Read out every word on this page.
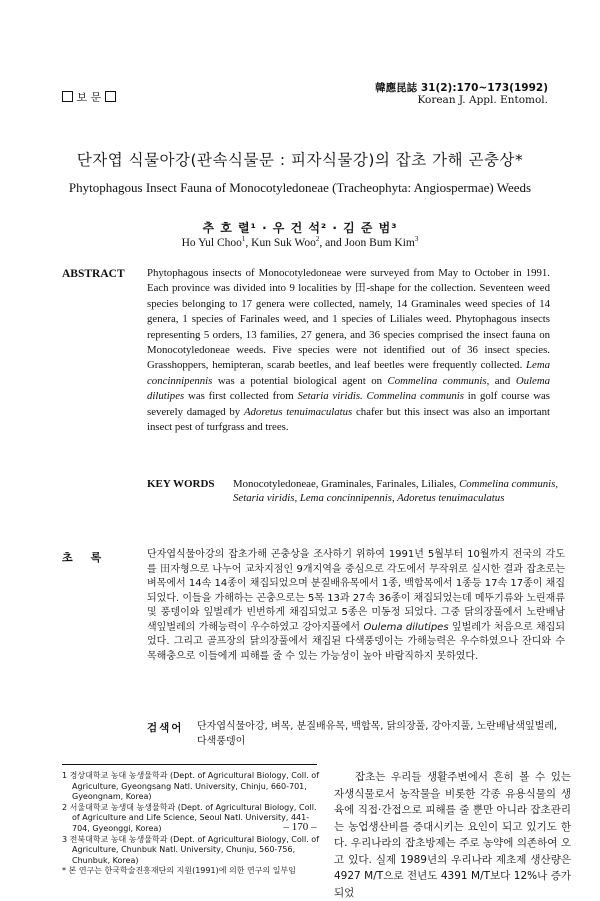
보 문
韓應昆誌 31(2):170~173(1992)
Korean J. Appl. Entomol.
단자엽 식물아강(관속식물문 : 피자식물강)의 잡초 가해 곤충상*
Phytophagous Insect Fauna of Monocotyledoneae (Tracheophyta: Angiospermae) Weeds
추 호 렬¹ · 우 건 석² · 김 준 범³
Ho Yul Choo$^1$, Kun Suk Woo$^2$, and Joon Bum Kim$^3$
ABSTRACT Phytophagous insects of Monocotyledoneae were surveyed from May to October in 1991. Each province was divided into 9 localities by 田-shape for the collection. Seventeen weed species belonging to 17 genera were collected, namely, 14 Graminales weed species of 14 genera, 1 species of Farinales weed, and 1 species of Liliales weed. Phytophagous insects representing 5 orders, 13 families, 27 genera, and 36 species comprised the insect fauna on Monocotyledoneae weeds. Five species were not identified out of 36 insect species. Grasshoppers, hemipteran, scarab beetles, and leaf beetles were frequently collected. Lema concinnipennis was a potential biological agent on Commelina communis, and Oulema dilutipes was first collected from Setaria viridis. Commelina communis in golf course was severely damaged by Adoretus tenuimaculatus chafer but this insect was also an important insect pest of turfgrass and trees.
KEY WORDS Monocotyledoneae, Graminales, Farinales, Liliales, Commelina communis, Setaria viridis, Lema concinnipennis, Adoretus tenuimaculatus
초록	단자엽식물아강의 잡초가해 곤충상을 조사하기 위하여 1991년 5월부터 10월까지 전국의 각도를 田자형으로 나누어 교차지점인 9개지역을 중심으로 각도에서 무작위로 실시한 결과 잡초로는 벼목에서 14속 14종이 채집되었으며 분질배유목에서 1종, 백합목에서 1종등 17속 17종이 채집되었다. 이들을 가해하는 곤충으로는 5목 13과 27속 36종이 채집되었는데 메뚜기류와 노린재류 및 풍뎅이와 잎벌레가 빈번하게 채집되었고 5종은 미동정 되었다. 그중 닭의장풀에서 노란배남색잎벌레의 가해능력이 우수하였고 강아지풀에서 Oulema dilutipes 잎벌레가 처음으로 채집되었다. 그리고 골프장의 닭의장풀에서 채집된 다색풍뎅이는 가해능력은 우수하였으나 잔디와 수목해충으로 이들에게 피해를 줄 수 있는 가능성이 높아 바람직하지 못하였다.
검색어 단자엽식물아강, 벼목, 분질배유목, 백합목, 닭의장풀, 강아지풀, 노란배남색잎벌레, 다색풍뎅이
1 경상대학교 농대 농생물학과 (Dept. of Agricultural Biology, Coll. of Agriculture, Gyeongsang Natl. University, Chinju, 660-701, Gyeongnam, Korea)
2 서울대학교 농생대 농생물학과 (Dept. of Agricultural Biology, Coll. of Agriculture and Life Science, Seoul Natl. University, 441-704, Gyeonggi, Korea)
3 전북대학교 농대 농생물학과 (Dept. of Agricultural Biology, Coll. of Agriculture, Chunbuk Natl. University, Chunju, 560-756, Chunbuk, Korea)
* 본 연구는 한국학술진흥재단의 지원(1991)에 의한 연구의 일부임
잡초는 우리들 생활주변에서 흔히 볼 수 있는 자생식물로서 농작물을 비롯한 각종 유용식물의 생육에 직접·간접으로 피해를 줄 뿐만 아니라 잡초관리는 농업생산비를 증대시키는 요인이 되고 있기도 한다. 우리나라의 잡초방제는 주로 농약에 의존하여 오고 있다. 실제 1989년의 우리나라 제초제 생산량은 4927 M/T으로 전년도 4391 M/T보다 12%나 증가되었
– 170 –
